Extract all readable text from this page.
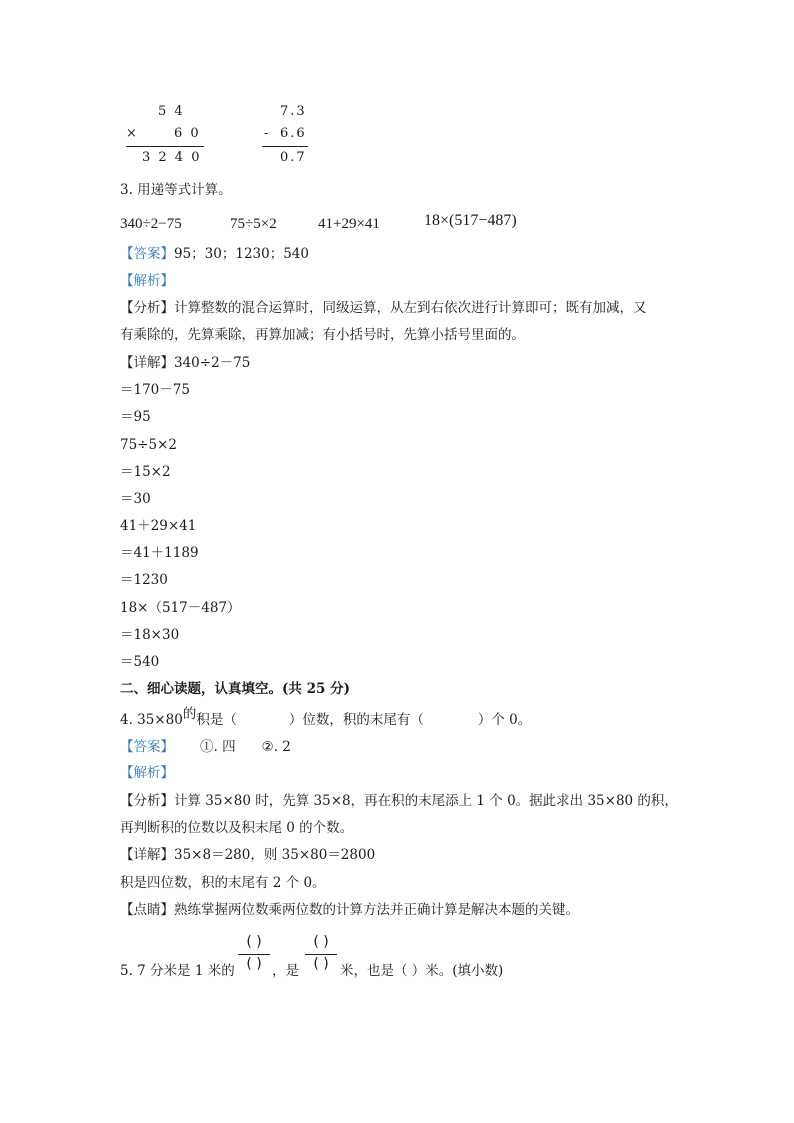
5 4
×	6 0
3 2 4 0
7.3
- 6.6
0.7
3. 用递等式计算。
340÷2−75	75÷5×2	41+29×41	18×(517−487)
【答案】95；30；1230；540
【解析】
【分析】计算整数的混合运算时，同级运算，从左到右依次进行计算即可；既有加减，又
有乘除的，先算乘除，再算加减；有小括号时，先算小括号里面的。
【详解】340÷2－75
＝170－75
＝95
75÷5×2
＝15×2
＝30
41＋29×41
＝41＋1189
＝1230
18×（517－487）
＝18×30
＝540
二、细心读题，认真填空。(共 25 分)
4. 35×80的积是（	）位数，积的末尾有（	）个 0。
【答案】 ①. 四 ②. 2
【解析】
【分析】计算 35×80 时，先算 35×8，再在积的末尾添上 1 个 0。据此求出 35×80 的积，
再判断积的位数以及积末尾 0 的个数。
【详解】35×8＝280，则 35×80＝2800
积是四位数，积的末尾有 2 个 0。
【点睛】熟练掌握两位数乘两位数的计算方法并正确计算是解决本题的关键。
5. 7 分米是 1 米的
( )
( ) ，是
( )
( ) 米，也是（ ）米。(填小数)
